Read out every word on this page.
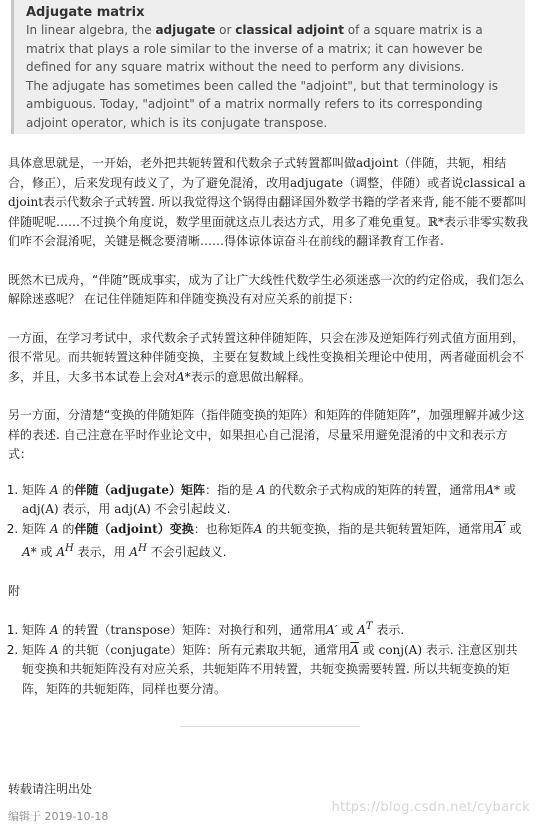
Adjugate matrix

In linear algebra, the adjugate or classical adjoint of a square matrix is a matrix that plays a role similar to the inverse of a matrix; it can however be defined for any square matrix without the need to perform any divisions.

The adjugate has sometimes been called the "adjoint", but that terminology is ambiguous. Today, "adjoint" of a matrix normally refers to its corresponding adjoint operator, which is its conjugate transpose.

具体意思就是，一开始，老外把共轭转置和代数余子式转置都叫做adjoint（伴随，共轭，相结合，修正），后来发现有歧义了，为了避免混淆，改用adjugate（调整，伴随）或者说classical adjoint表示代数余子式转置. 所以我觉得这个锅得由翻译国外数学书籍的学者来背, 能不能不要都叫伴随呢呢……不过换个角度说，数学里面就这点儿表达方式，用多了难免重复。ℝ*表示非零实数我们咋不会混淆呢，关键是概念要清晰……得体谅体谅奋斗在前线的翻译教育工作者.

既然木已成舟，“伴随”既成事实，成为了让广大线性代数学生必须迷惑一次的约定俗成，我们怎么解除迷惑呢？ 在记住伴随矩阵和伴随变换没有对应关系的前提下：

一方面，在学习考试中，求代数余子式转置这种伴随矩阵，只会在涉及逆矩阵行列式值方面用到，很不常见。而共轭转置这种伴随变换，主要在复数域上线性变换相关理论中使用，两者碰面机会不多，并且，大多书本试卷上会对A*表示的意思做出解释。

另一方面，分清楚“变换的伴随矩阵（指伴随变换的矩阵）和矩阵的伴随矩阵”，加强理解并减少这样的表述. 自己注意在平时作业论文中，如果担心自己混淆，尽量采用避免混淆的中文和表示方式：

1. 矩阵 A 的伴随（adjugate）矩阵：指的是 A 的代数余子式构成的矩阵的转置，通常用A* 或 adj(A) 表示，用 adj(A) 不会引起歧义.
2. 矩阵 A 的伴随（adjoint）变换：也称矩阵A 的共轭变换，指的是共轭转置矩阵，通常用A′ 或 A* 或 $A^H$ 表示，用 $A^H$ 不会引起歧义.

附

1. 矩阵 A 的转置（transpose）矩阵：对换行和列，通常用A′ 或 $A^T$ 表示.
2. 矩阵 A 的共轭（conjugate）矩阵：所有元素取共轭，通常用$\overline{A}$ 或 conj(A) 表示. 注意区别共轭变换和共轭矩阵没有对应关系，共轭矩阵不用转置，共轭变换需要转置. 所以共轭变换的矩阵，矩阵的共轭矩阵，同样也要分清。
转载请注明出处
编辑于 2019-10-18
https://blog.csdn.net/cybarck
